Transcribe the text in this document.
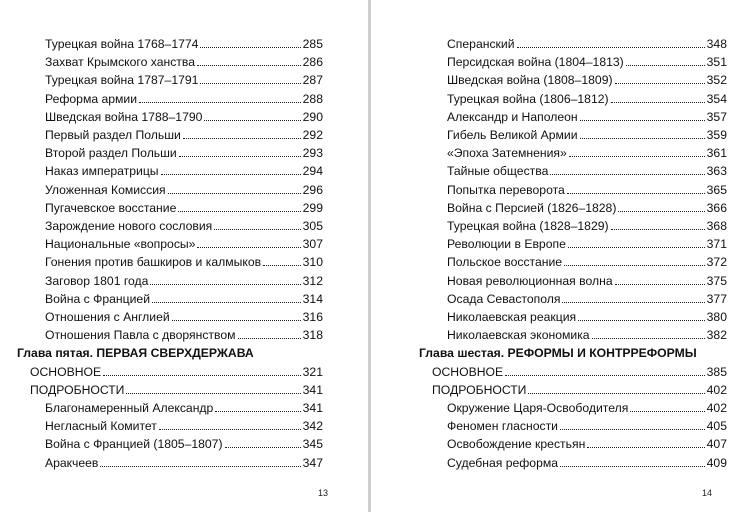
Турецкая война 1768–1774	285
Захват Крымского ханства	286
Турецкая война 1787–1791	287
Реформа армии	288
Шведская война 1788–1790	290
Первый раздел Польши	292
Второй раздел Польши	293
Наказ императрицы	294
Уложенная Комиссия	296
Пугачевское восстание	299
Зарождение нового сословия	305
Национальные «вопросы»	307
Гонения против башкиров и калмыков	310
Заговор 1801 года	312
Война с Францией	314
Отношения с Англией	316
Отношения Павла с дворянством	318
Глава пятая. ПЕРВАЯ СВЕРХДЕРЖАВА
ОСНОВНОЕ	321
ПОДРОБНОСТИ	341
Благонамеренный Александр	341
Негласный Комитет	342
Война с Францией (1805–1807)	345
Аракчеев	347
13
Сперанский	348
Персидская война (1804–1813)	351
Шведская война (1808–1809)	352
Турецкая война (1806–1812)	354
Александр и Наполеон	357
Гибель Великой Армии	359
«Эпоха Затемнения»	361
Тайные общества	363
Попытка переворота	365
Война с Персией (1826–1828)	366
Турецкая война (1828–1829)	368
Революции в Европе	371
Польское восстание	372
Новая революционная волна	375
Осада Севастополя	377
Николаевская реакция	380
Николаевская экономика	382
Глава шестая. РЕФОРМЫ И КОНТРРЕФОРМЫ
ОСНОВНОЕ	385
ПОДРОБНОСТИ	402
Окружение Царя-Освободителя	402
Феномен гласности	405
Освобождение крестьян	407
Судебная реформа	409
14
